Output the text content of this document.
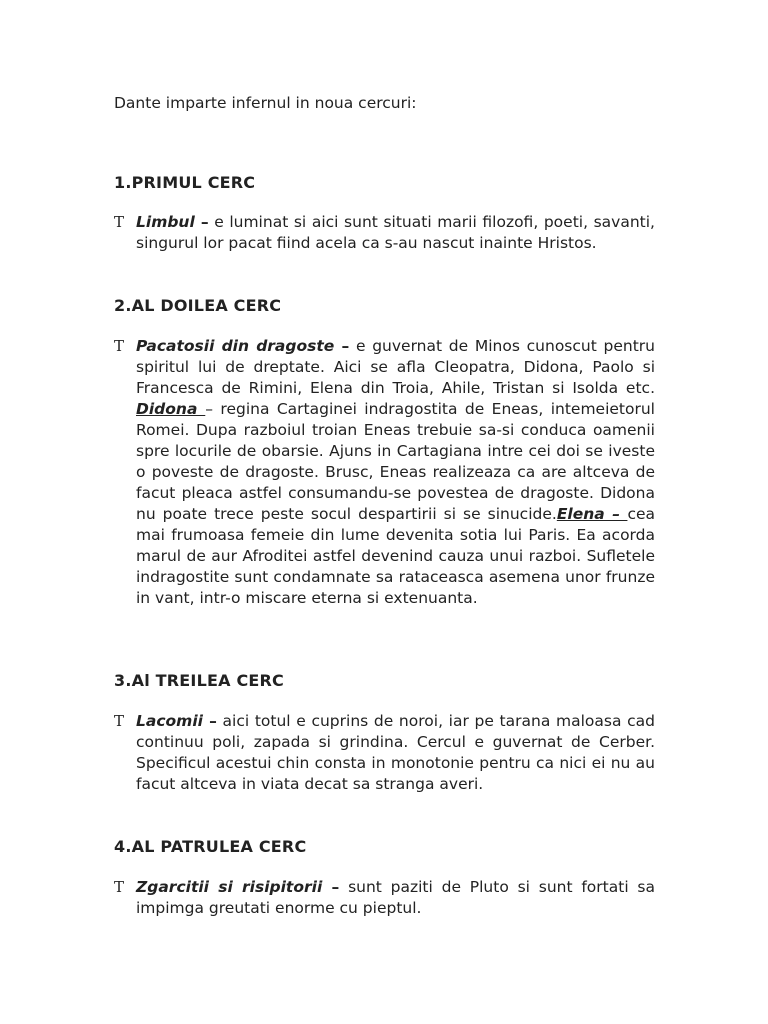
Dante imparte infernul in noua cercuri:

1.PRIMUL CERC

T Limbul – e luminat si aici sunt situati marii filozofi, poeti, savanti, singurul lor pacat fiind acela ca s-au nascut inainte Hristos.

2.AL DOILEA CERC

T Pacatosii din dragoste – e guvernat de Minos cunoscut pentru spiritul lui de dreptate. Aici se afla Cleopatra, Didona, Paolo si Francesca de Rimini, Elena din Troia, Ahile, Tristan si Isolda etc. Didona – regina Cartaginei indragostita de Eneas, intemeietorul Romei. Dupa razboiul troian Eneas trebuie sa-si conduca oamenii spre locurile de obarsie. Ajuns in Cartagiana intre cei doi se iveste o poveste de dragoste. Brusc, Eneas realizeaza ca are altceva de facut pleaca astfel consumandu-se povestea de dragoste. Didona nu poate trece peste socul despartirii si se sinucide.Elena – cea mai frumoasa femeie din lume devenita sotia lui Paris. Ea acorda marul de aur Afroditei astfel devenind cauza unui razboi. Sufletele indragostite sunt condamnate sa rataceasca asemena unor frunze in vant, intr-o miscare eterna si extenuanta.

3.Al TREILEA CERC

T Lacomii – aici totul e cuprins de noroi, iar pe tarana maloasa cad continuu poli, zapada si grindina. Cercul e guvernat de Cerber. Specificul acestui chin consta in monotonie pentru ca nici ei nu au facut altceva in viata decat sa stranga averi.

4.AL PATRULEA CERC

T Zgarcitii si risipitorii – sunt paziti de Pluto si sunt fortati sa impimga greutati enorme cu pieptul.
